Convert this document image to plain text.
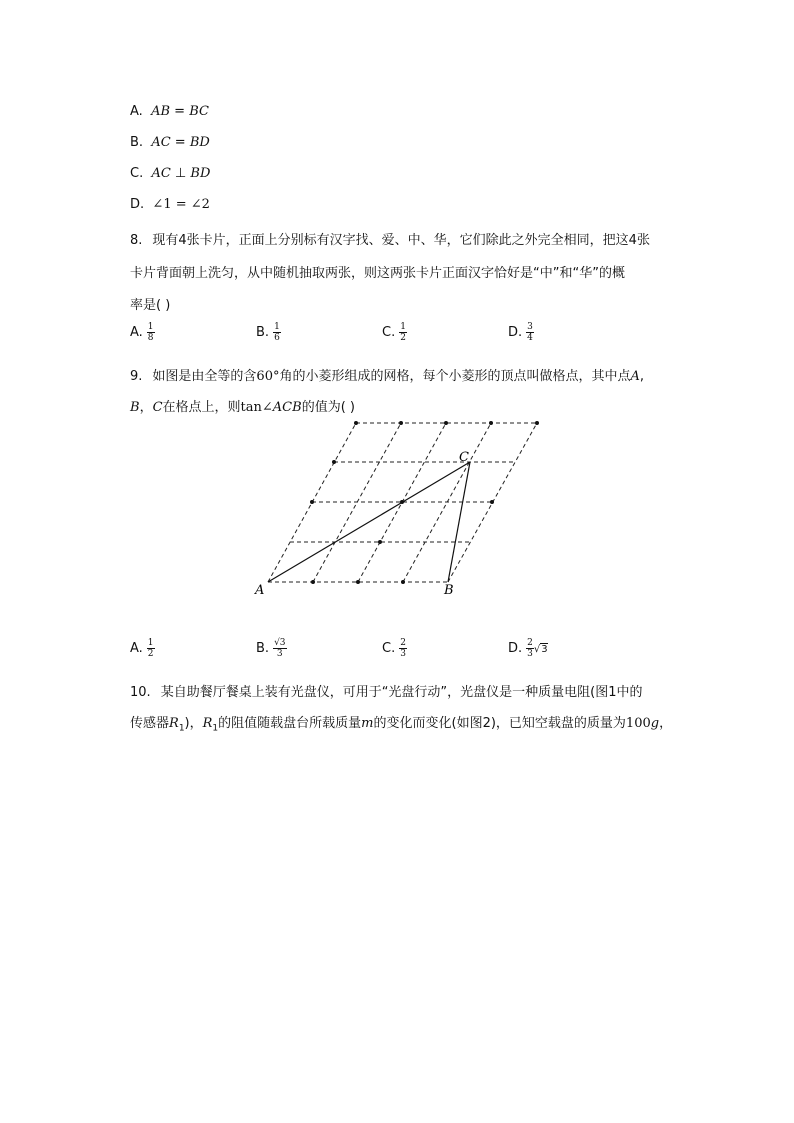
A. AB = BC
B. AC = BD
C. AC ⊥ BD
D. ∠1 = ∠2
8. 现有4张卡片，正面上分别标有汉字找、爱、中、华，它们除此之外完全相同，把这4张
卡片背面朝上洗匀，从中随机抽取两张，则这两张卡片正面汉字恰好是“中”和“华”的概
率是( )
A. $\frac{1}{8}$	B. $\frac{1}{6}$	C. $\frac{1}{2}$	D. $\frac{3}{4}$
9. 如图是由全等的含60°角的小菱形组成的网格，每个小菱形的顶点叫做格点，其中点A,
B，C在格点上，则tan∠ACB的值为( )
A	B
C
A. $\frac{1}{2}$	B. $\frac{√3}{3}$	C. $\frac{2}{3}$	D. $\frac{2}{3} √3$
10. 某自助餐厅餐桌上装有光盘仪，可用于“光盘行动”，光盘仪是一种质量电阻(图1中的
传感器$R_1$)，$R_1$的阻值随载盘台所载质量m的变化而变化(如图2)，已知空载盘的质量为100g，
